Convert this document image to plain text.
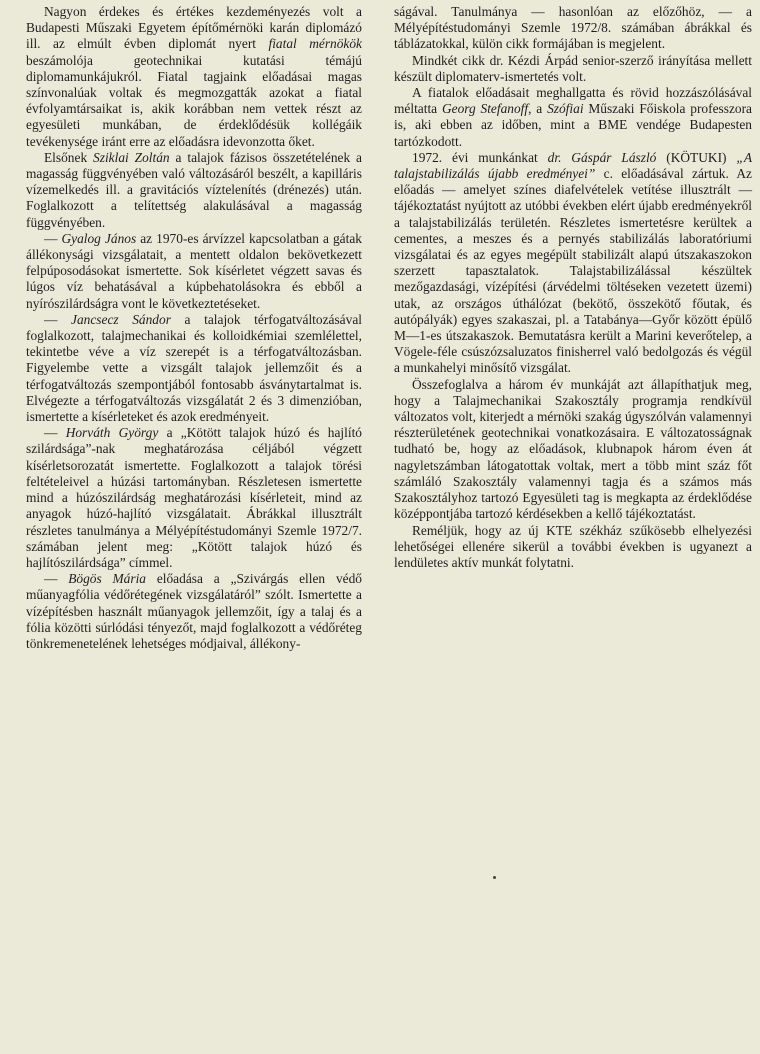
Nagyon érdekes és értékes kezdeményezés volt a Budapesti Műszaki Egyetem építőmérnöki karán diplomázó ill. az elmúlt évben diplomát nyert fiatal mérnökök beszámolója geotechnikai kutatási témájú diplomamunkájukról. Fiatal tagjaink előadásai magas színvonalúak voltak és megmozgatták azokat a fiatal évfolyamtársaikat is, akik korábban nem vettek részt az egyesületi munkában, de érdeklődésük kollégáik tevékenysége iránt erre az előadásra idevonzotta őket.

Elsőnek Sziklai Zoltán a talajok fázisos összetételének a magasság függvényében való változásáról beszélt, a kapilláris vízemelkedés ill. a gravitációs víztelenítés (drénezés) után. Foglalkozott a telítettség alakulásával a magasság függvényében.

— Gyalog János az 1970-es árvízzel kapcsolatban a gátak állékonysági vizsgálatait, a mentett oldalon bekövetkezett felpúposodásokat ismertette. Sok kísérletet végzett savas és lúgos víz behatásával a kúpbehatolásokra és ebből a nyírószilárdságra vont le következtetéseket.

— Jancsecz Sándor a talajok térfogatváltozásával foglalkozott, talajmechanikai és kolloidkémiai szemlélettel, tekintetbe véve a víz szerepét is a térfogatváltozásban. Figyelembe vette a vizsgált talajok jellemzőit és a térfogatváltozás szempontjából fontosabb ásványtartalmat is. Elvégezte a térfogatváltozás vizsgálatát 2 és 3 dimenzióban, ismertette a kísérleteket és azok eredményeit.

— Horváth György a „Kötött talajok húzó és hajlító szilárdsága”-nak meghatározása céljából végzett kísérletsorozatát ismertette. Foglalkozott a talajok törési feltételeivel a húzási tartományban. Részletesen ismertette mind a húzószilárdság meghatározási kísérleteit, mind az anyagok húzó-hajlító vizsgálatait. Ábrákkal illusztrált részletes tanulmánya a Mélyépítéstudományi Szemle 1972/7. számában jelent meg: „Kötött talajok húzó és hajlítószilárdsága” címmel.

— Bögös Mária előadása a „Szivárgás ellen védő műanyagfólia védőrétegének vizsgálatáról” szólt. Ismertette a vízépítésben használt műanyagok jellemzőit, így a talaj és a fólia közötti súrlódási tényezőt, majd foglalkozott a védőréteg tönkremenetelének lehetséges módjaival, állékony-

ságával. Tanulmánya — hasonlóan az előzőhöz, — a Mélyépítéstudományi Szemle 1972/8. számában ábrákkal és táblázatokkal, külön cikk formájában is megjelent.

Mindkét cikk dr. Kézdi Árpád senior-szerző irányítása mellett készült diplomaterv-ismertetés volt.

A fiatalok előadásait meghallgatta és rövid hozzászólásával méltatta Georg Stefanoff, a Szófiai Műszaki Főiskola professzora is, aki ebben az időben, mint a BME vendége Budapesten tartózkodott.

1972. évi munkánkat dr. Gáspár László (KÖTUKI) „A talajstabilizálás újabb eredményei” c. előadásával zártuk. Az előadás — amelyet színes diafelvételek vetítése illusztrált — tájékoztatást nyújtott az utóbbi években elért újabb eredményekről a talajstabilizálás területén. Részletes ismertetésre kerültek a cementes, a meszes és a pernyés stabilizálás laboratóriumi vizsgálatai és az egyes megépült stabilizált alapú útszakaszokon szerzett tapasztalatok. Talajstabilizálással készültek mezőgazdasági, vízépítési (árvédelmi töltéseken vezetett üzemi) utak, az országos úthálózat (bekötő, összekötő főutak, és autópályák) egyes szakaszai, pl. a Tatabánya—Győr között épülő M—1-es útszakaszok. Bemutatásra került a Marini keverőtelep, a Vögele-féle csúszózsaluzatos finisherrel való bedolgozás és végül a munkahelyi minősítő vizsgálat.

Összefoglalva a három év munkáját azt állapíthatjuk meg, hogy a Talajmechanikai Szakosztály programja rendkívül változatos volt, kiterjedt a mérnöki szakág úgyszólván valamennyi részterületének geotechnikai vonatkozásaira. E változatosságnak tudható be, hogy az előadások, klubnapok három éven át nagyletszámban látogatottak voltak, mert a több mint száz főt számláló Szakosztály valamennyi tagja és a számos más Szakosztályhoz tartozó Egyesületi tag is megkapta az érdeklődése középpontjába tartozó kérdésekben a kellő tájékoztatást.

Reméljük, hogy az új KTE székház szűkösebb elhelyezési lehetőségei ellenére sikerül a további években is ugyanezt a lendületes aktív munkát folytatni.
